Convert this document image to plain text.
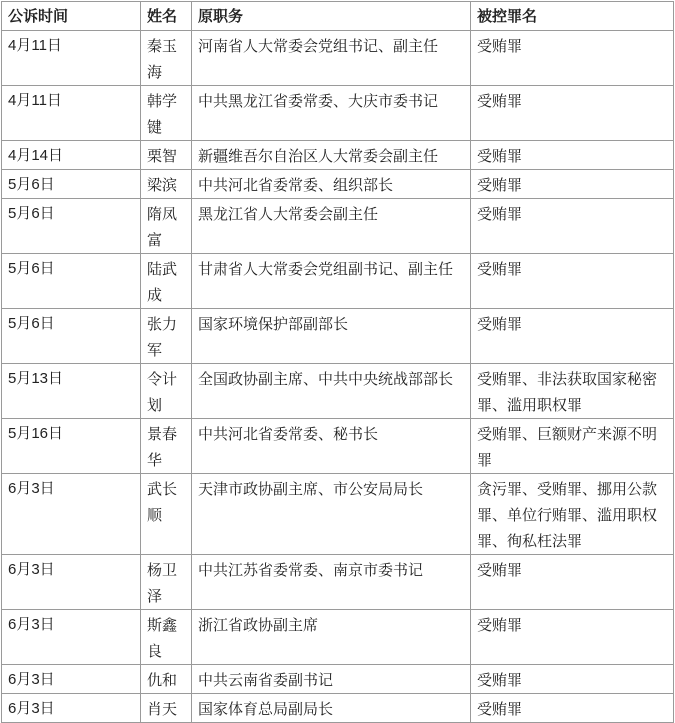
公诉时间	姓名	原职务	被控罪名
4月11日	秦玉海	河南省人大常委会党组书记、副主任	受贿罪
4月11日	韩学键	中共黑龙江省委常委、大庆市委书记	受贿罪
4月14日	栗智	新疆维吾尔自治区人大常委会副主任	受贿罪
5月6日	梁滨	中共河北省委常委、组织部长	受贿罪
5月6日	隋凤富	黑龙江省人大常委会副主任	受贿罪
5月6日	陆武成	甘肃省人大常委会党组副书记、副主任	受贿罪
5月6日	张力军	国家环境保护部副部长	受贿罪
5月13日	令计划	全国政协副主席、中共中央统战部部长	受贿罪、非法获取国家秘密罪、滥用职权罪
5月16日	景春华	中共河北省委常委、秘书长	受贿罪、巨额财产来源不明罪
6月3日	武长顺	天津市政协副主席、市公安局局长	贪污罪、受贿罪、挪用公款罪、单位行贿罪、滥用职权罪、徇私枉法罪
6月3日	杨卫泽	中共江苏省委常委、南京市委书记	受贿罪
6月3日	斯鑫良	浙江省政协副主席	受贿罪
6月3日	仇和	中共云南省委副书记	受贿罪
6月3日	肖天	国家体育总局副局长	受贿罪
